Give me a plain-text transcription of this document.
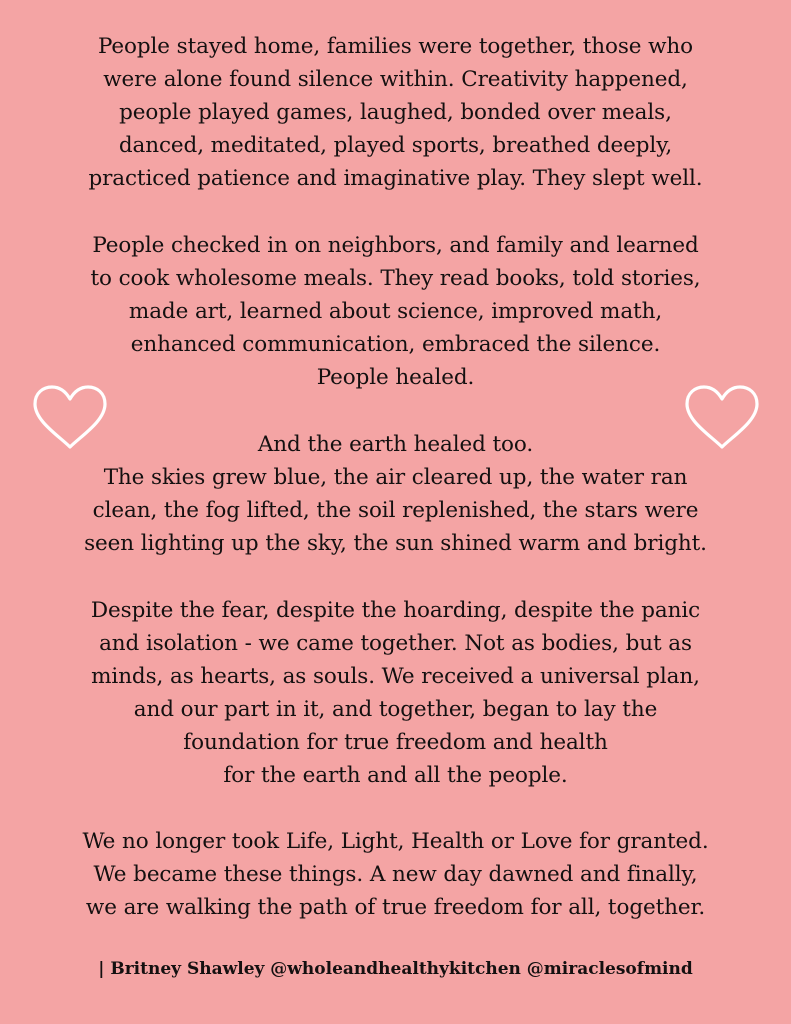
People stayed home, families were together, those who
were alone found silence within. Creativity happened,
people played games, laughed, bonded over meals,
danced, meditated, played sports, breathed deeply,
practiced patience and imaginative play. They slept well.
People checked in on neighbors, and family and learned
to cook wholesome meals. They read books, told stories,
made art, learned about science, improved math,
enhanced communication, embraced the silence.
People healed.
And the earth healed too.
The skies grew blue, the air cleared up, the water ran
clean, the fog lifted, the soil replenished, the stars were
seen lighting up the sky, the sun shined warm and bright.
Despite the fear, despite the hoarding, despite the panic
and isolation - we came together. Not as bodies, but as
minds, as hearts, as souls. We received a universal plan,
and our part in it, and together, began to lay the
foundation for true freedom and health
for the earth and all the people.
We no longer took Life, Light, Health or Love for granted.
We became these things. A new day dawned and finally,
we are walking the path of true freedom for all, together.
| Britney Shawley @wholeandhealthykitchen @miraclesofmind
